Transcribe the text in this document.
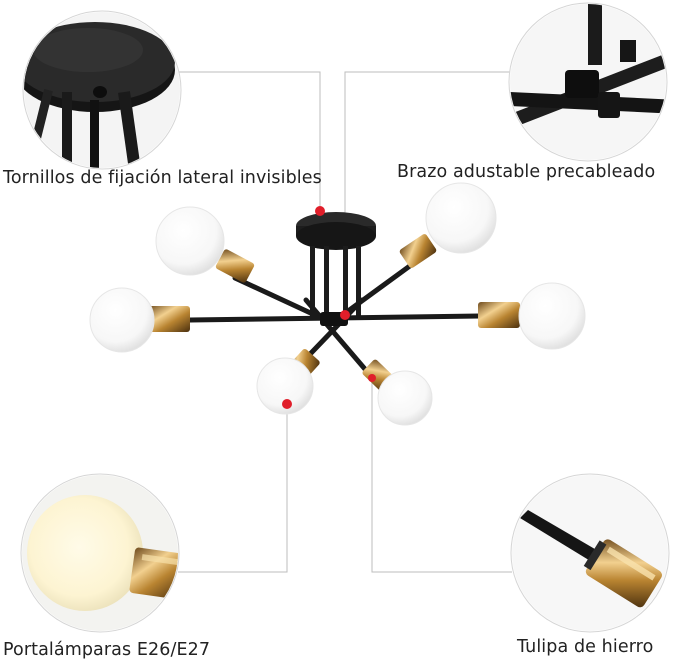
Tornillos de fijación lateral invisibles	Brazo adustable precableado
Portalámparas E26/E27	Tulipa de hierro
